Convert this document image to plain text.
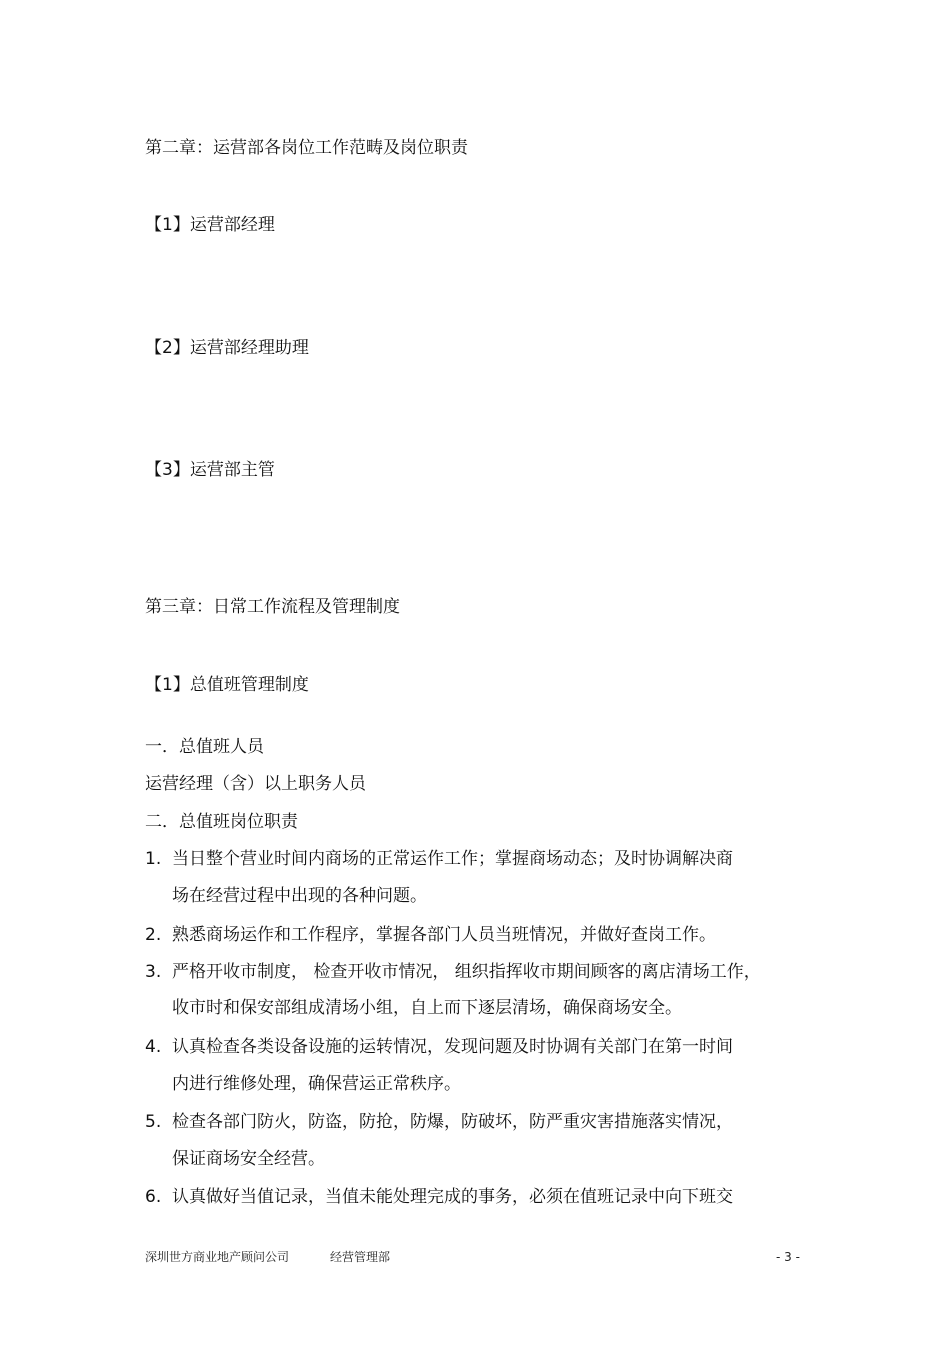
第二章：运营部各岗位工作范畴及岗位职责
【1】运营部经理
【2】运营部经理助理
【3】运营部主管
第三章：日常工作流程及管理制度
【1】总值班管理制度
一．总值班人员
运营经理（含）以上职务人员
二．总值班岗位职责
1. 当日整个营业时间内商场的正常运作工作；掌握商场动态；及时协调解决商
场在经营过程中出现的各种问题。
2. 熟悉商场运作和工作程序，掌握各部门人员当班情况，并做好查岗工作。
3. 严格开收市制度， 检查开收市情况， 组织指挥收市期间顾客的离店清场工作，
收市时和保安部组成清场小组，自上而下逐层清场，确保商场安全。
4. 认真检查各类设备设施的运转情况，发现问题及时协调有关部门在第一时间
内进行维修处理，确保营运正常秩序。
5. 检查各部门防火，防盗，防抢，防爆，防破坏，防严重灾害措施落实情况，
保证商场安全经营。
6. 认真做好当值记录，当值未能处理完成的事务，必须在值班记录中向下班交
深圳世方商业地产顾问公司	经营管理部	- 3 -
